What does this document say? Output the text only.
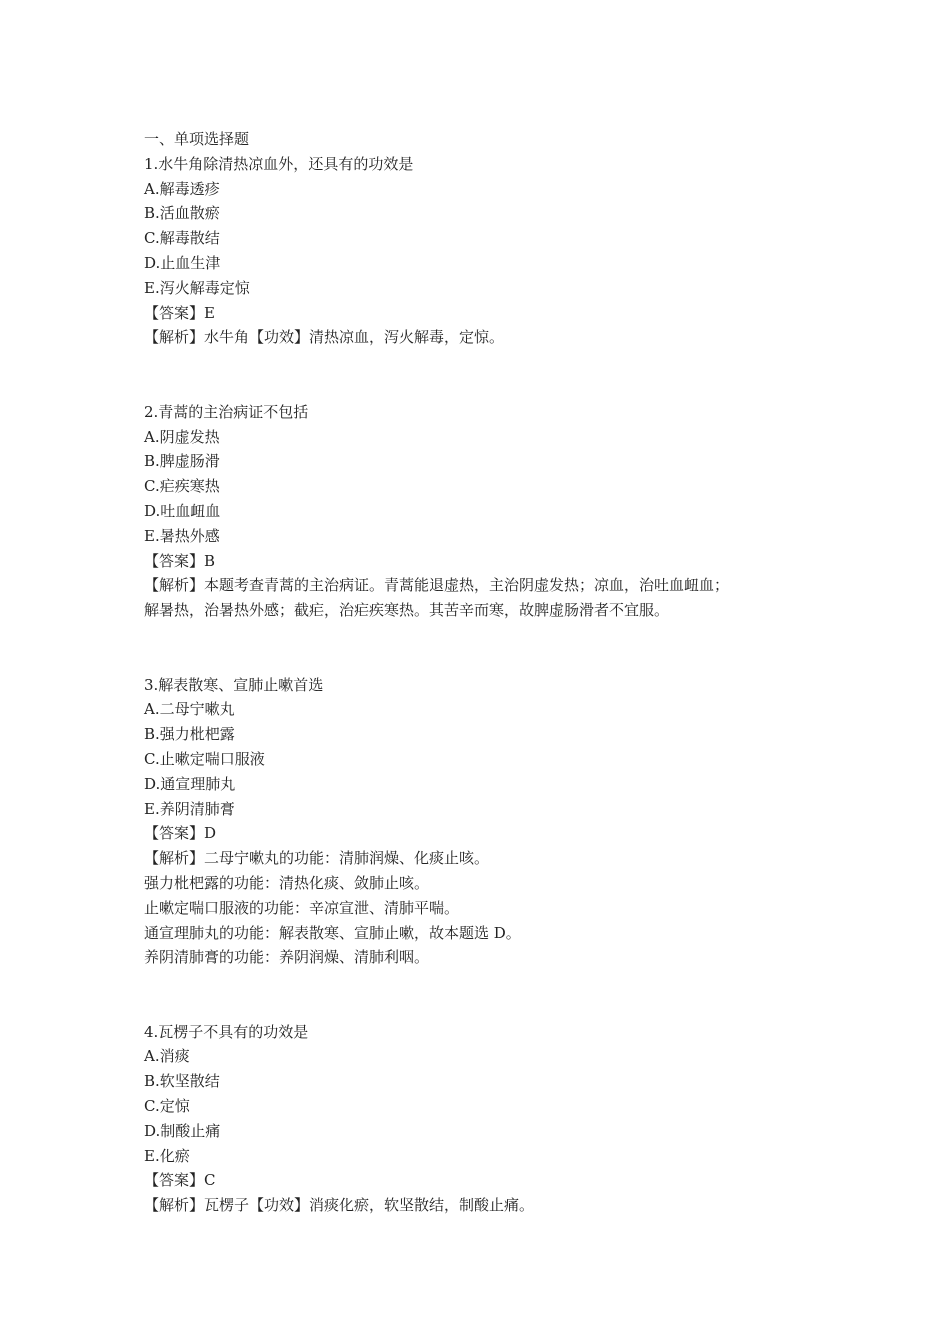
一、单项选择题
1.水牛角除清热凉血外，还具有的功效是
A.解毒透疹
B.活血散瘀
C.解毒散结
D.止血生津
E.泻火解毒定惊
【答案】E
【解析】水牛角【功效】清热凉血，泻火解毒，定惊。
2.青蒿的主治病证不包括
A.阴虚发热
B.脾虚肠滑
C.疟疾寒热
D.吐血衄血
E.暑热外感
【答案】B
【解析】本题考查青蒿的主治病证。青蒿能退虚热，主治阴虚发热；凉血，治吐血衄血；
解暑热，治暑热外感；截疟，治疟疾寒热。其苦辛而寒，故脾虚肠滑者不宜服。
3.解表散寒、宣肺止嗽首选
A.二母宁嗽丸
B.强力枇杷露
C.止嗽定喘口服液
D.通宣理肺丸
E.养阴清肺膏
【答案】D
【解析】二母宁嗽丸的功能：清肺润燥、化痰止咳。
强力枇杷露的功能：清热化痰、敛肺止咳。
止嗽定喘口服液的功能：辛凉宣泄、清肺平喘。
通宣理肺丸的功能：解表散寒、宣肺止嗽，故本题选 D。
养阴清肺膏的功能：养阴润燥、清肺利咽。
4.瓦楞子不具有的功效是
A.消痰
B.软坚散结
C.定惊
D.制酸止痛
E.化瘀
【答案】C
【解析】瓦楞子【功效】消痰化瘀，软坚散结，制酸止痛。
